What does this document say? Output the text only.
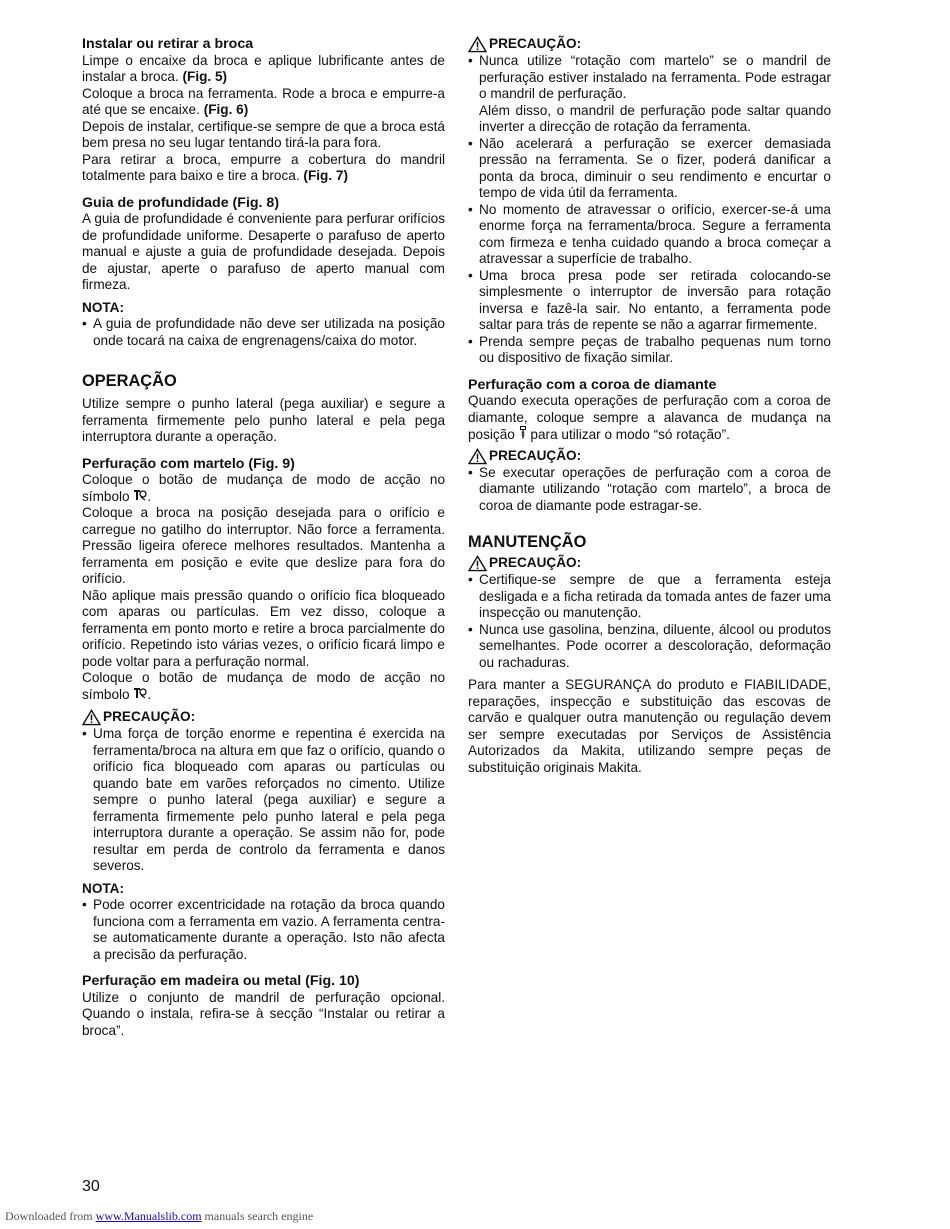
Instalar ou retirar a broca

Limpe o encaixe da broca e aplique lubrificante antes de instalar a broca. (Fig. 5)

Coloque a broca na ferramenta. Rode a broca e empurre-a até que se encaixe. (Fig. 6)

Depois de instalar, certifique-se sempre de que a broca está bem presa no seu lugar tentando tirá-la para fora.

Para retirar a broca, empurre a cobertura do mandril totalmente para baixo e tire a broca. (Fig. 7)

Guia de profundidade (Fig. 8)

A guia de profundidade é conveniente para perfurar orifícios de profundidade uniforme. Desaperte o parafuso de aperto manual e ajuste a guia de profundidade desejada. Depois de ajustar, aperte o parafuso de aperto manual com firmeza.

NOTA:

• A guia de profundidade não deve ser utilizada na posição onde tocará na caixa de engrenagens/caixa do motor.
OPERAÇÃO

Utilize sempre o punho lateral (pega auxiliar) e segure a ferramenta firmemente pelo punho lateral e pela pega interruptora durante a operação.

Perfuração com martelo (Fig. 9)

Coloque o botão de mudança de modo de acção no símbolo .

Coloque a broca na posição desejada para o orifício e carregue no gatilho do interruptor. Não force a ferramenta. Pressão ligeira oferece melhores resultados. Mantenha a ferramenta em posição e evite que deslize para fora do orifício.

Não aplique mais pressão quando o orifício fica bloqueado com aparas ou partículas. Em vez disso, coloque a ferramenta em ponto morto e retire a broca parcialmente do orifício. Repetindo isto várias vezes, o orifício ficará limpo e pode voltar para a perfuração normal.

Coloque o botão de mudança de modo de acção no símbolo .

PRECAUÇÃO:

• Uma força de torção enorme e repentina é exercida na ferramenta/broca na altura em que faz o orifício, quando o orifício fica bloqueado com aparas ou partículas ou quando bate em varões reforçados no cimento. Utilize sempre o punho lateral (pega auxiliar) e segure a ferramenta firmemente pelo punho lateral e pela pega interruptora durante a operação. Se assim não for, pode resultar em perda de controlo da ferramenta e danos severos.

NOTA:

• Pode ocorrer excentricidade na rotação da broca quando funciona com a ferramenta em vazio. A ferramenta centra-se automaticamente durante a operação. Isto não afecta a precisão da perfuração.
Perfuração em madeira ou metal (Fig. 10)

Utilize o conjunto de mandril de perfuração opcional. Quando o instala, refira-se à secção “Instalar ou retirar a broca”.

PRECAUÇÃO:

• Nunca utilize “rotação com martelo” se o mandril de perfuração estiver instalado na ferramenta. Pode estragar o mandril de perfuração.
Além disso, o mandril de perfuração pode saltar quando inverter a direcção de rotação da ferramenta.
• Não acelerará a perfuração se exercer demasiada pressão na ferramenta. Se o fizer, poderá danificar a ponta da broca, diminuir o seu rendimento e encurtar o tempo de vida útil da ferramenta.
• No momento de atravessar o orifício, exercer-se-á uma enorme força na ferramenta/broca. Segure a ferramenta com firmeza e tenha cuidado quando a broca começar a atravessar a superfície de trabalho.
• Uma broca presa pode ser retirada colocando-se simplesmente o interruptor de inversão para rotação inversa e fazê-la sair. No entanto, a ferramenta pode saltar para trás de repente se não a agarrar firmemente.
• Prenda sempre peças de trabalho pequenas num torno ou dispositivo de fixação similar.
Perfuração com a coroa de diamante

Quando executa operações de perfuração com a coroa de diamante, coloque sempre a alavanca de mudança na posição para utilizar o modo “só rotação”.

PRECAUÇÃO:

• Se executar operações de perfuração com a coroa de diamante utilizando “rotação com martelo”, a broca de coroa de diamante pode estragar-se.
MANUTENÇÃO

PRECAUÇÃO:

• Certifique-se sempre de que a ferramenta esteja desligada e a ficha retirada da tomada antes de fazer uma inspecção ou manutenção.
• Nunca use gasolina, benzina, diluente, álcool ou produtos semelhantes. Pode ocorrer a descoloração, deformação ou rachaduras.

Para manter a SEGURANÇA do produto e FIABILIDADE, reparações, inspecção e substituição das escovas de carvão e qualquer outra manutenção ou regulação devem ser sempre executadas por Serviços de Assistência Autorizados da Makita, utilizando sempre peças de substituição originais Makita.

30
Downloaded from www.Manualslib.com manuals search engine
